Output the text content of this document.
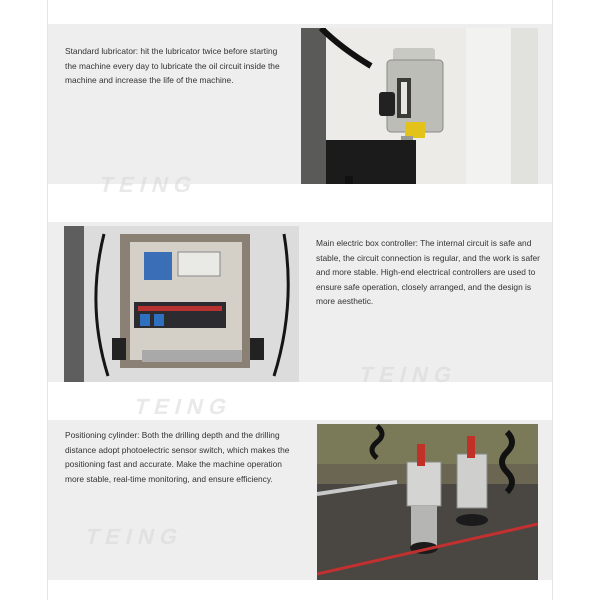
Standard lubricator: hit the lubricator twice before starting the machine every day to lubricate the oil circuit inside the machine and increase the life of the machine.
TEING
Main electric box controller: The internal circuit is safe and stable, the circuit connection is regular, and the work is safer and more stable. High-end electrical controllers are used to ensure safe operation, closely arranged, and the design is more aesthetic.
TEING
Positioning cylinder: Both the drilling depth and the drilling distance adopt photoelectric sensor switch, which makes the positioning fast and accurate. Make the machine operation more stable, real-time monitoring, and ensure efficiency.
TEING
TEING
